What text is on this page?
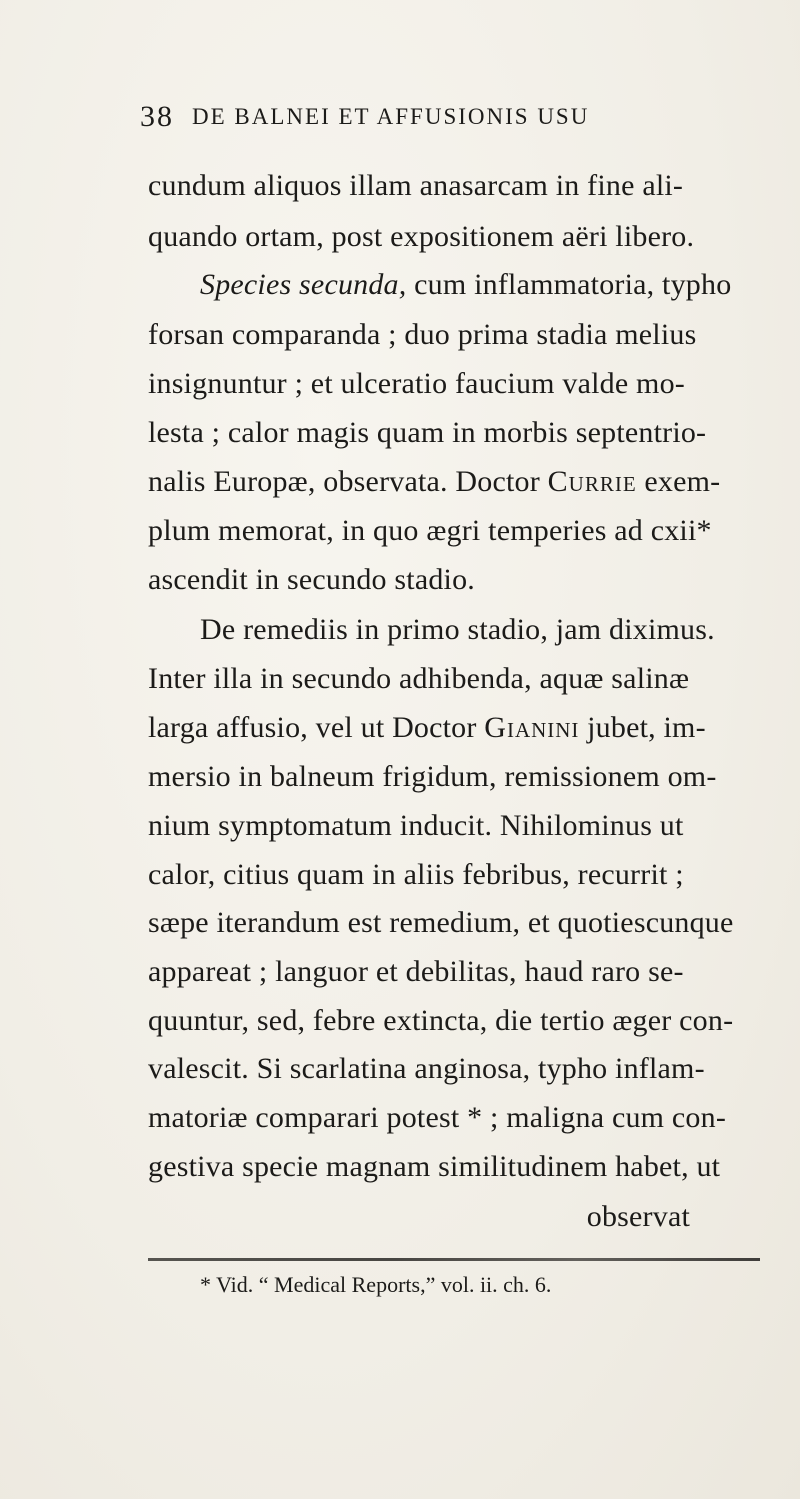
38 DE BALNEI ET AFFUSIONIS USU
cundum aliquos illam anasarcam in fine ali-
quando ortam, post expositionem aëri libero.
Species secunda, cum inflammatoria, typho
forsan comparanda ; duo prima stadia melius
insignuntur ; et ulceratio faucium valde mo-
lesta ; calor magis quam in morbis septentrio-
nalis Europæ, observata. Doctor Currie exem-
plum memorat, in quo ægri temperies ad cxii*
ascendit in secundo stadio.
De remediis in primo stadio, jam diximus.
Inter illa in secundo adhibenda, aquæ salinæ
larga affusio, vel ut Doctor Gianini jubet, im-
mersio in balneum frigidum, remissionem om-
nium symptomatum inducit. Nihilominus ut
calor, citius quam in aliis febribus, recurrit ;
sæpe iterandum est remedium, et quotiescunque
appareat ; languor et debilitas, haud raro se-
quuntur, sed, febre extincta, die tertio æger con-
valescit. Si scarlatina anginosa, typho inflam-
matoriæ comparari potest * ; maligna cum con-
gestiva specie magnam similitudinem habet, ut
observat
* Vid. “ Medical Reports,” vol. ii. ch. 6.
